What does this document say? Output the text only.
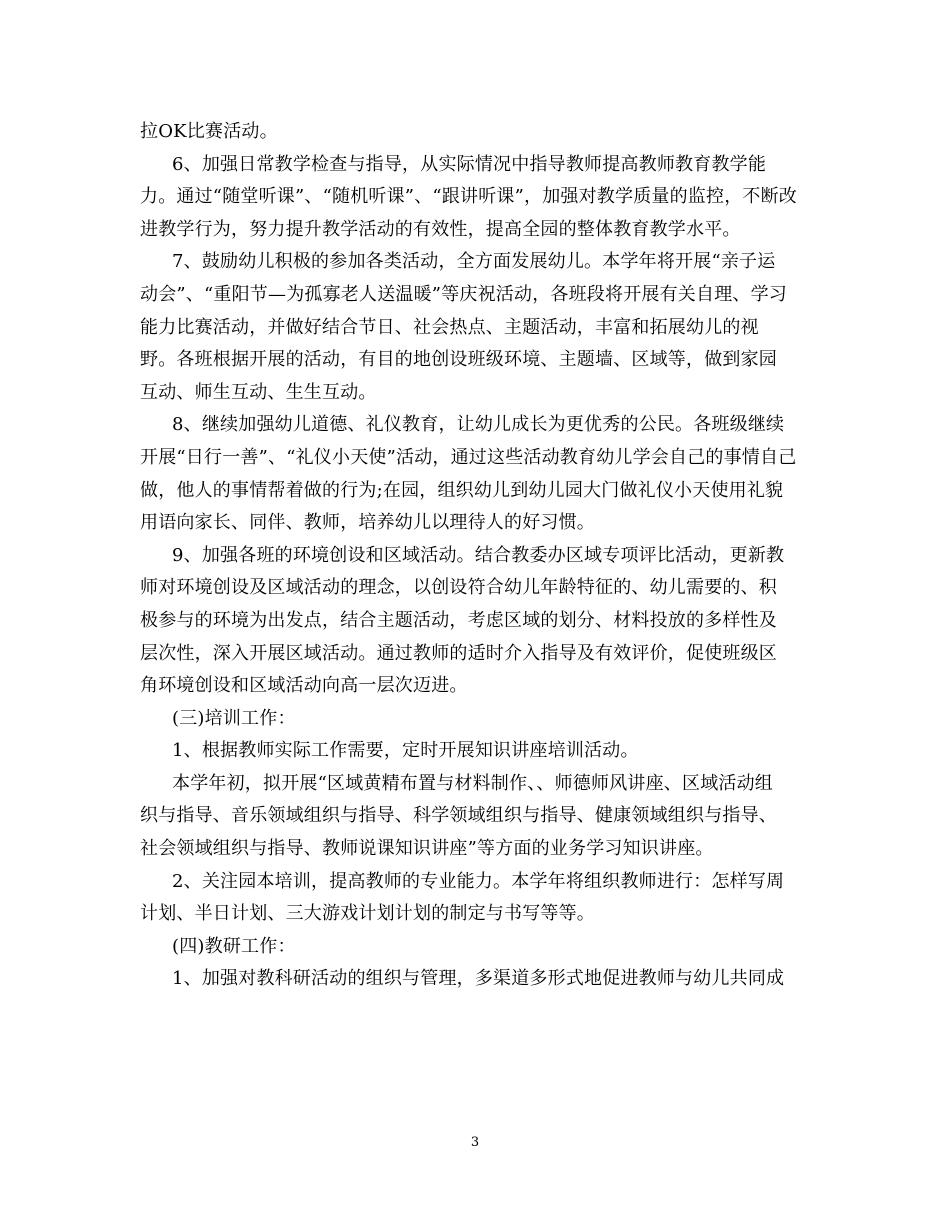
拉OK比赛活动。
6、加强日常教学检查与指导，从实际情况中指导教师提高教师教育教学能
力。通过“随堂听课”、“随机听课”、“跟讲听课”，加强对教学质量的监控，不断改
进教学行为，努力提升教学活动的有效性，提高全园的整体教育教学水平。
7、鼓励幼儿积极的参加各类活动，全方面发展幼儿。本学年将开展“亲子运
动会”、“重阳节—为孤寡老人送温暖”等庆祝活动，各班段将开展有关自理、学习
能力比赛活动，并做好结合节日、社会热点、主题活动，丰富和拓展幼儿的视
野。各班根据开展的活动，有目的地创设班级环境、主题墙、区域等，做到家园
互动、师生互动、生生互动。
8、继续加强幼儿道德、礼仪教育，让幼儿成长为更优秀的公民。各班级继续
开展“日行一善”、“礼仪小天使”活动，通过这些活动教育幼儿学会自己的事情自己
做，他人的事情帮着做的行为;在园，组织幼儿到幼儿园大门做礼仪小天使用礼貌
用语向家长、同伴、教师，培养幼儿以理待人的好习惯。
9、加强各班的环境创设和区域活动。结合教委办区域专项评比活动，更新教
师对环境创设及区域活动的理念，以创设符合幼儿年龄特征的、幼儿需要的、积
极参与的环境为出发点，结合主题活动，考虑区域的划分、材料投放的多样性及
层次性，深入开展区域活动。通过教师的适时介入指导及有效评价，促使班级区
角环境创设和区域活动向高一层次迈进。
(三)培训工作：
1、根据教师实际工作需要，定时开展知识讲座培训活动。
本学年初，拟开展“区域黄精布置与材料制作、、师德师风讲座、区域活动组
织与指导、音乐领域组织与指导、科学领域组织与指导、健康领域组织与指导、
社会领域组织与指导、教师说课知识讲座”等方面的业务学习知识讲座。
2、关注园本培训，提高教师的专业能力。本学年将组织教师进行：怎样写周
计划、半日计划、三大游戏计划计划的制定与书写等等。
(四)教研工作：
1、加强对教科研活动的组织与管理，多渠道多形式地促进教师与幼儿共同成
3
